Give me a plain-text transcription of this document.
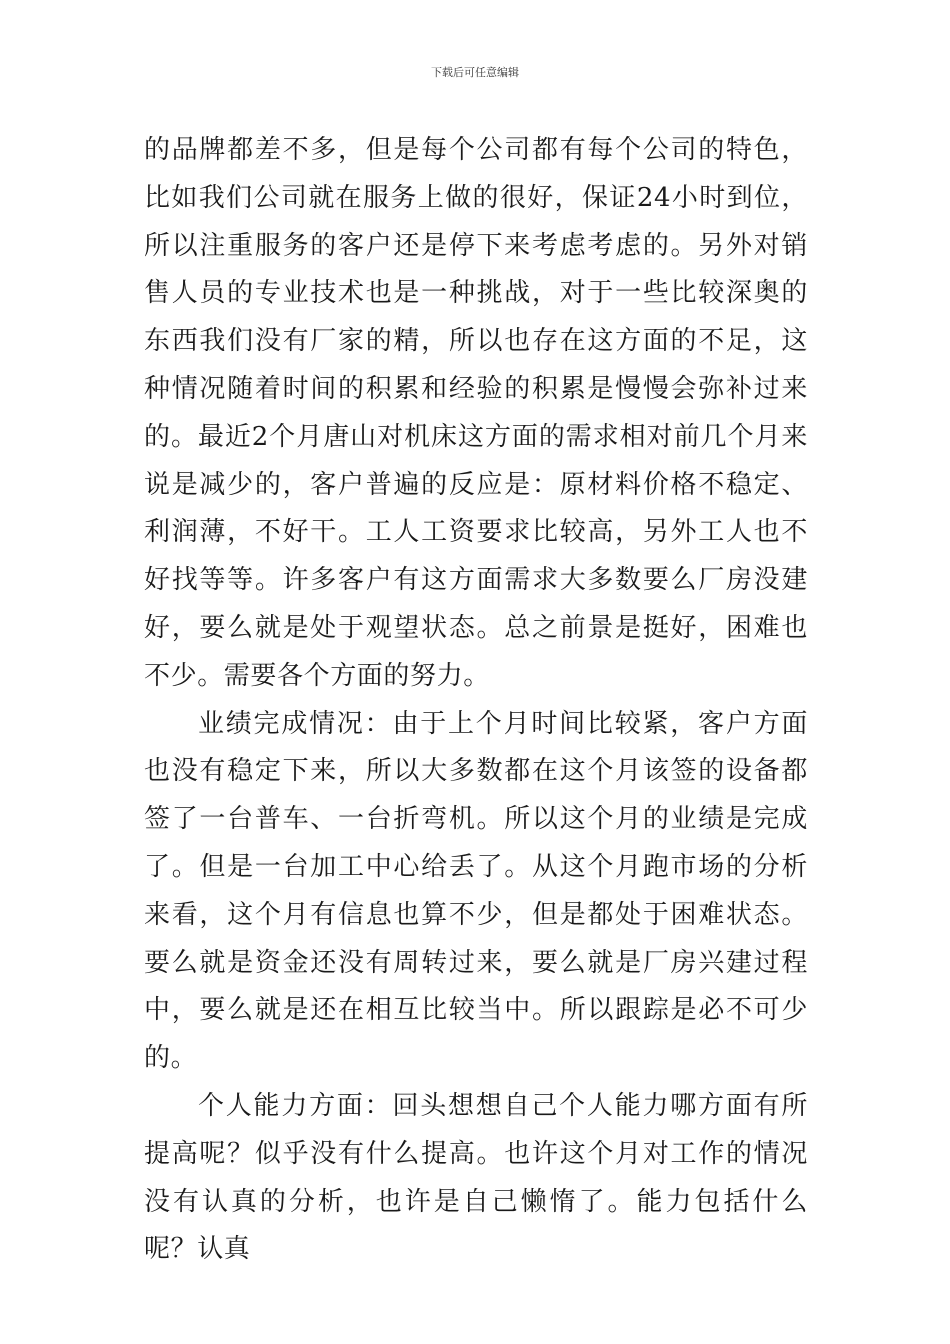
下载后可任意编辑

的品牌都差不多，但是每个公司都有每个公司的特色，比如我们公司就在服务上做的很好，保证24小时到位，所以注重服务的客户还是停下来考虑考虑的。另外对销售人员的专业技术也是一种挑战，对于一些比较深奥的东西我们没有厂家的精，所以也存在这方面的不足，这种情况随着时间的积累和经验的积累是慢慢会弥补过来的。最近2个月唐山对机床这方面的需求相对前几个月来说是减少的，客户普遍的反应是：原材料价格不稳定、利润薄，不好干。工人工资要求比较高，另外工人也不好找等等。许多客户有这方面需求大多数要么厂房没建好，要么就是处于观望状态。总之前景是挺好，困难也不少。需要各个方面的努力。

业绩完成情况：由于上个月时间比较紧，客户方面也没有稳定下来，所以大多数都在这个月该签的设备都签了一台普车、一台折弯机。所以这个月的业绩是完成了。但是一台加工中心给丢了。从这个月跑市场的分析来看，这个月有信息也算不少，但是都处于困难状态。要么就是资金还没有周转过来，要么就是厂房兴建过程中，要么就是还在相互比较当中。所以跟踪是必不可少的。

个人能力方面：回头想想自己个人能力哪方面有所提高呢？似乎没有什么提高。也许这个月对工作的情况没有认真的分析，也许是自己懒惰了。能力包括什么呢？认真
